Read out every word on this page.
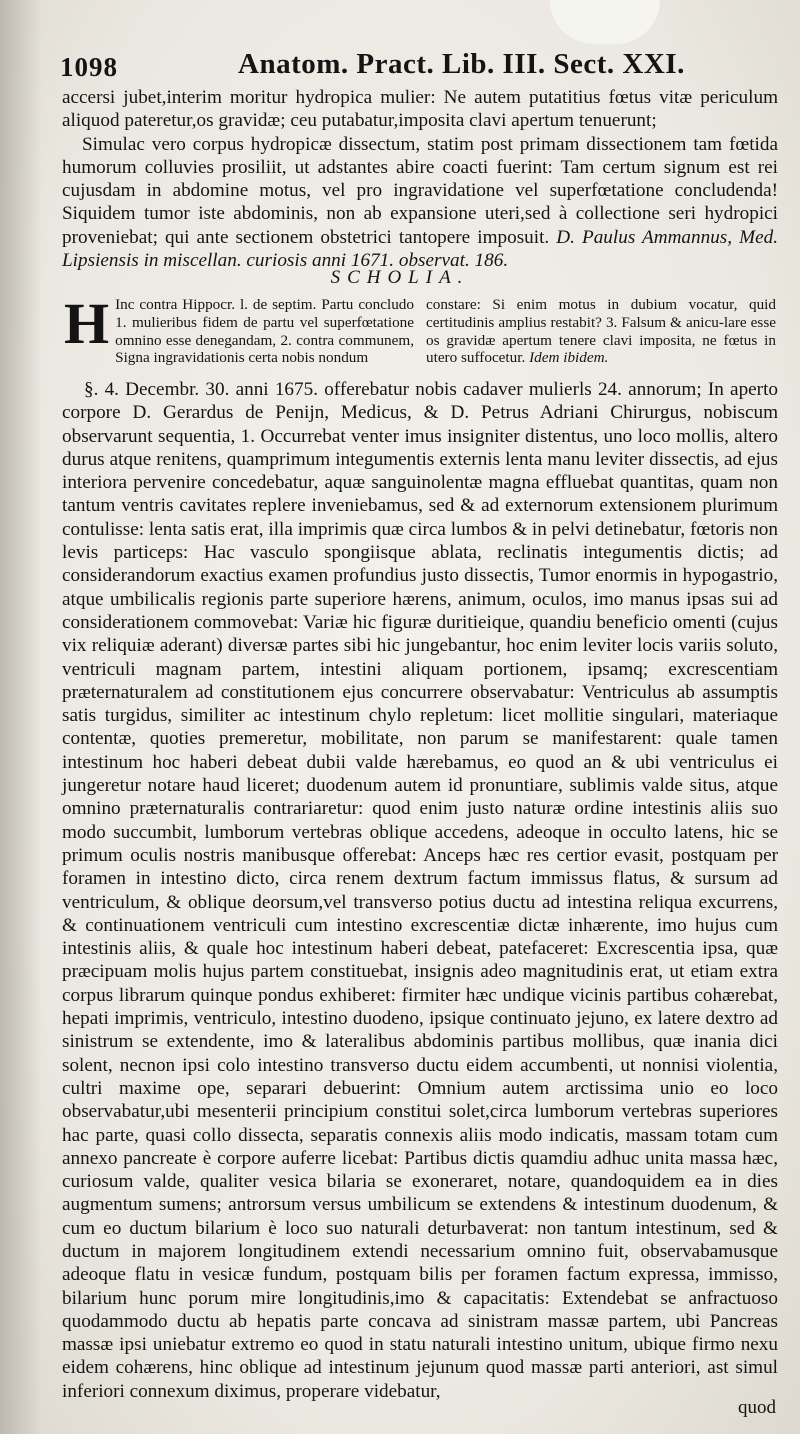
1098	Anatom. Pract. Lib. III. Sect. XXI.

accersi jubet,interim moritur hydropica mulier: Ne autem putatitius fœtus vitæ periculum aliquod pateretur,os gravidæ; ceu putabatur,imposita clavi apertum tenuerunt;

Simulac vero corpus hydropicæ dissectum, statim post primam dissectionem tam fœtida humorum colluvies prosiliit, ut adstantes abire coacti fuerint: Tam certum signum est rei cujusdam in abdomine motus, vel pro ingravidatione vel superfœtatione concludenda! Siquidem tumor iste abdominis, non ab expansione uteri,sed à collectione seri hydropici proveniebat; qui ante sectionem obstetrici tantopere imposuit. D. Paulus Ammannus, Med. Lipsiensis in miscellan. curiosis anni 1671. observat. 186.

SCHOLIA.
H Inc contra Hippocr. l. de septim. Partu concludo 1. mulieribus fidem de partu vel superfœtatione omnino esse denegandam, 2. contra communem, Signa ingravidationis certa nobis nondum
constare: Si enim motus in dubium vocatur, quid certitudinis amplius restabit? 3. Falsum & anicu-lare esse os gravidæ apertum tenere clavi imposita, ne fœtus in utero suffocetur. Idem ibidem.

§. 4. Decembr. 30. anni 1675. offerebatur nobis cadaver mulierls 24. annorum; In aperto corpore D. Gerardus de Penijn, Medicus, & D. Petrus Adriani Chirurgus, nobiscum observarunt sequentia, 1. Occurrebat venter imus insigniter distentus, uno loco mollis, altero durus atque renitens, quamprimum integumentis externis lenta manu leviter dissectis, ad ejus interiora pervenire concedebatur, aquæ sanguinolentæ magna effluebat quantitas, quam non tantum ventris cavitates replere inveniebamus, sed & ad externorum extensionem plurimum contulisse: lenta satis erat, illa imprimis quæ circa lumbos & in pelvi detinebatur, fœtoris non levis particeps: Hac vasculo spongiisque ablata, reclinatis integumentis dictis; ad considerandorum exactius examen profundius justo dissectis, Tumor enormis in hypogastrio, atque umbilicalis regionis parte superiore hærens, animum, oculos, imo manus ipsas sui ad considerationem commovebat: Variæ hic figuræ duritieique, quandiu beneficio omenti (cujus vix reliquiæ aderant) diversæ partes sibi hic jungebantur, hoc enim leviter locis variis soluto, ventriculi magnam partem, intestini aliquam portionem, ipsamq; excrescentiam præternaturalem ad constitutionem ejus concurrere observabatur: Ventriculus ab assumptis satis turgidus, similiter ac intestinum chylo repletum: licet mollitie singulari, materiaque contentæ, quoties premeretur, mobilitate, non parum se manifestarent: quale tamen intestinum hoc haberi debeat dubii valde hærebamus, eo quod an & ubi ventriculus ei jungeretur notare haud liceret; duodenum autem id pronuntiare, sublimis valde situs, atque omnino præternaturalis contrariaretur: quod enim justo naturæ ordine intestinis aliis suo modo succumbit, lumborum vertebras oblique accedens, adeoque in occulto latens, hic se primum oculis nostris manibusque offerebat: Anceps hæc res certior evasit, postquam per foramen in intestino dicto, circa renem dextrum factum immissus flatus, & sursum ad ventriculum, & oblique deorsum,vel transverso potius ductu ad intestina reliqua excurrens, & continuationem ventriculi cum intestino excrescentiæ dictæ inhærente, imo hujus cum intestinis aliis, & quale hoc intestinum haberi debeat, patefaceret: Excrescentia ipsa, quæ præcipuam molis hujus partem constituebat, insignis adeo magnitudinis erat, ut etiam extra corpus librarum quinque pondus exhiberet: firmiter hæc undique vicinis partibus cohærebat, hepati imprimis, ventriculo, intestino duodeno, ipsique continuato jejuno, ex latere dextro ad sinistrum se extendente, imo & lateralibus abdominis partibus mollibus, quæ inania dici solent, necnon ipsi colo intestino transverso ductu eidem accumbenti, ut nonnisi violentia, cultri maxime ope, separari debuerint: Omnium autem arctissima unio eo loco observabatur,ubi mesenterii principium constitui solet,circa lumborum vertebras superiores hac parte, quasi collo dissecta, separatis connexis aliis modo indicatis, massam totam cum annexo pancreate è corpore auferre licebat: Partibus dictis quamdiu adhuc unita massa hæc, curiosum valde, qualiter vesica bilaria se exoneraret, notare, quandoquidem ea in dies augmentum sumens; antrorsum versus umbilicum se extendens & intestinum duodenum, & cum eo ductum bilarium è loco suo naturali deturbaverat: non tantum intestinum, sed & ductum in majorem longitudinem extendi necessarium omnino fuit, observabamusque adeoque flatu in vesicæ fundum, postquam bilis per foramen factum expressa, immisso, bilarium hunc porum mire longitudinis,imo & capacitatis: Extendebat se anfractuoso quodammodo ductu ab hepatis parte concava ad sinistram massæ partem, ubi Pancreas massæ ipsi uniebatur extremo eo quod in statu naturali intestino unitum, ubique firmo nexu eidem cohærens, hinc oblique ad intestinum jejunum quod massæ parti anteriori, ast simul inferiori connexum diximus, properare videbatur,

quod
